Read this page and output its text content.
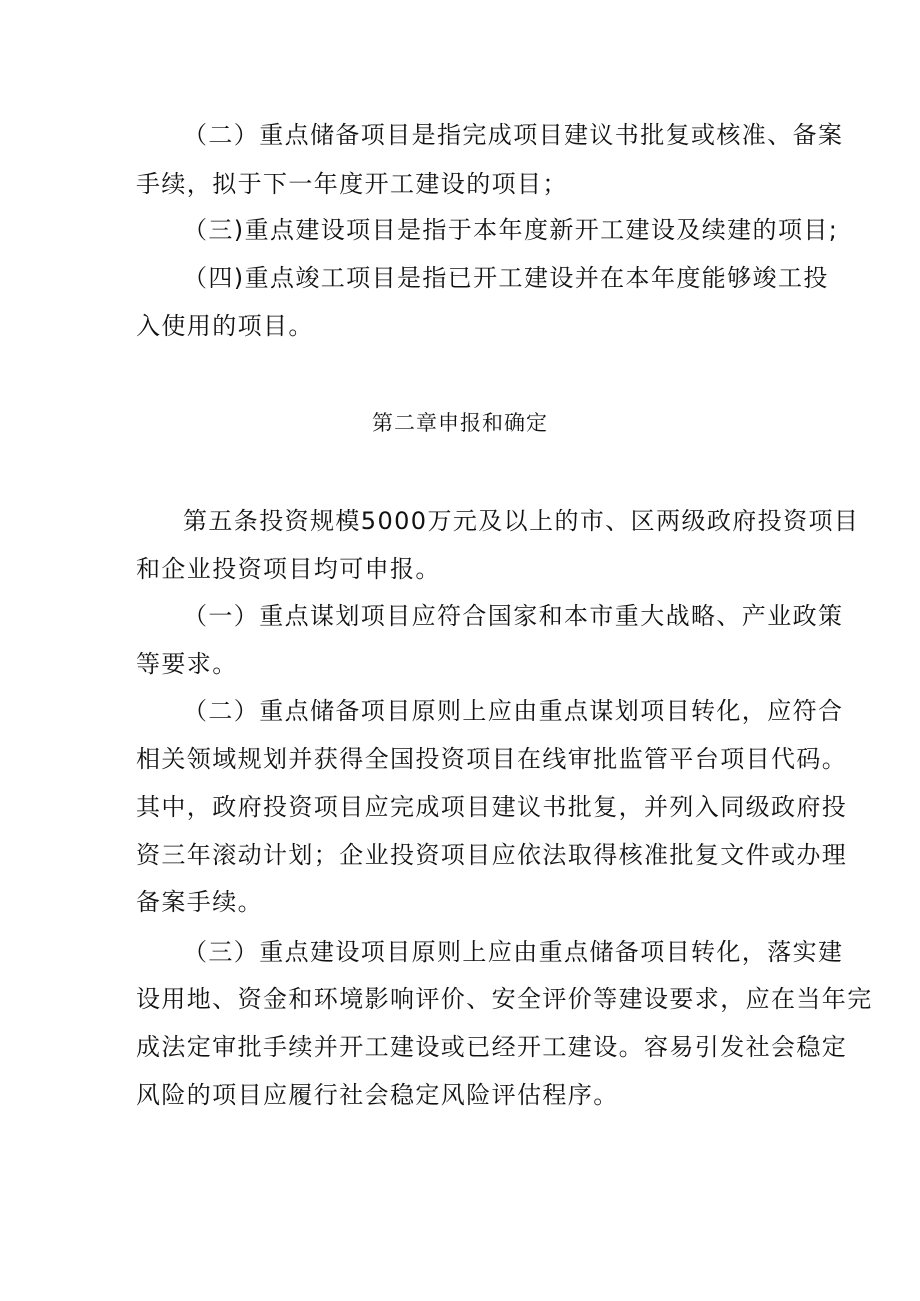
（二）重点储备项目是指完成项目建议书批复或核准、备案
手续，拟于下一年度开工建设的项目；
（三)重点建设项目是指于本年度新开工建设及续建的项目;
（四)重点竣工项目是指已开工建设并在本年度能够竣工投
入使用的项目。
第二章申报和确定
第五条投资规模5000万元及以上的市、区两级政府投资项目
和企业投资项目均可申报。
（一）重点谋划项目应符合国家和本市重大战略、产业政策
等要求。
（二）重点储备项目原则上应由重点谋划项目转化，应符合
相关领域规划并获得全国投资项目在线审批监管平台项目代码。
其中，政府投资项目应完成项目建议书批复，并列入同级政府投
资三年滚动计划；企业投资项目应依法取得核准批复文件或办理
备案手续。
（三）重点建设项目原则上应由重点储备项目转化，落实建
设用地、资金和环境影响评价、安全评价等建设要求，应在当年完
成法定审批手续并开工建设或已经开工建设。容易引发社会稳定
风险的项目应履行社会稳定风险评估程序。
